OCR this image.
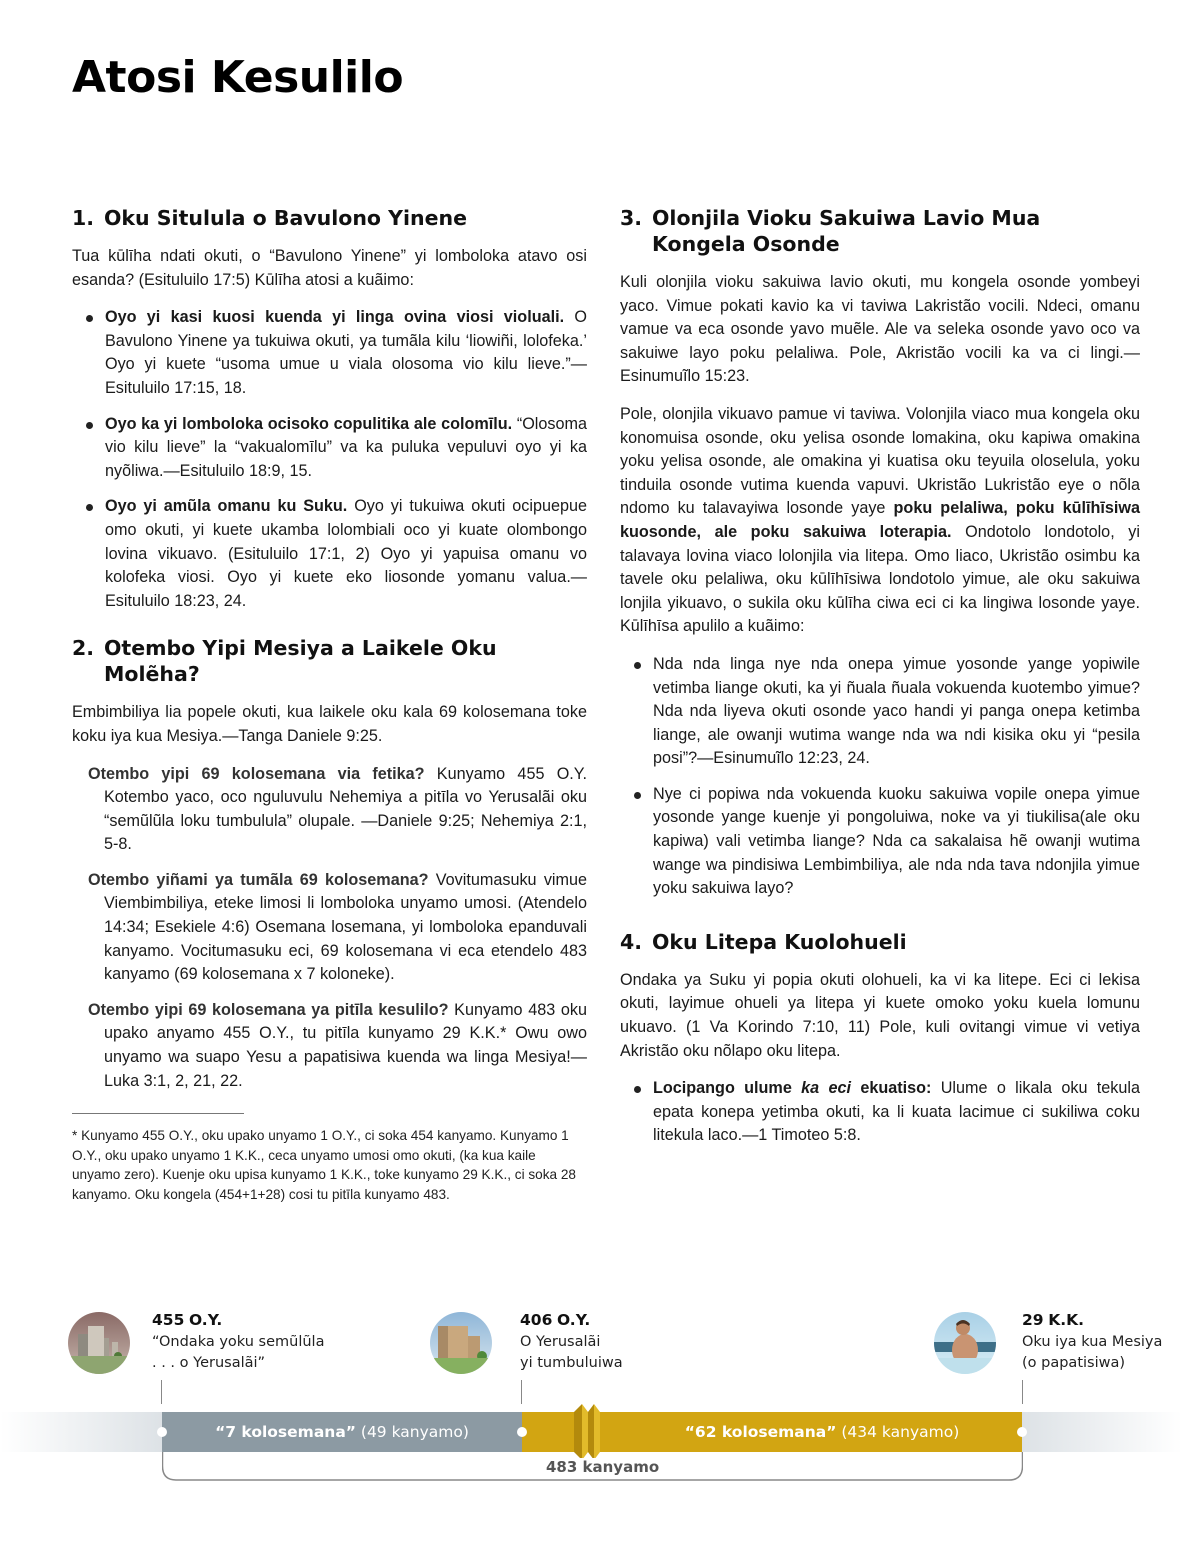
Atosi Kesulilo
1. Oku Situlula o Bavulono Yinene

Tua kūlīha ndati okuti, o “Bavulono Yinene” yi lomboloka atavo osi esanda? (Esituluilo 17:5) Kūlīha atosi a kuãimo:

Oyo yi kasi kuosi kuenda yi linga ovina viosi violuali. O Bavulono Yinene ya tukuiwa okuti, ya tumãla kilu ‘liowiñi, lolofeka.’ Oyo yi kuete “usoma umue u viala olosoma vio kilu lieve.”—Esituluilo 17:15, 18.
Oyo ka yi lomboloka ocisoko copulitika ale colomīlu. “Olosoma vio kilu lieve” la “vakualomīlu” va ka puluka vepuluvi oyo yi ka nyõliwa.—Esituluilo 18:9, 15.
Oyo yi amũla omanu ku Suku. Oyo yi tukuiwa okuti ocipuepue omo okuti, yi kuete ukamba lolombiali oco yi kuate olombongo lovina vikuavo. (Esituluilo 17:1, 2) Oyo yi yapuisa omanu vo kolofeka viosi. Oyo yi kuete eko liosonde yomanu valua.—Esituluilo 18:23, 24.
2. Otembo Yipi Mesiya a Laikele Oku Molẽha?

Embimbiliya lia popele okuti, kua laikele oku kala 69 kolosemana toke koku iya kua Mesiya.—Tanga Daniele 9:25.

Otembo yipi 69 kolosemana via fetika? Kunyamo 455 O.Y. Kotembo yaco, oco nguluvulu Nehemiya a pitīla vo Yerusalãi oku “semũlũla loku tumbulula” olupale. —Daniele 9:25; Nehemiya 2:1, 5-8.
Otembo yiñami ya tumãla 69 kolosemana? Vovitumasuku vimue Viembimbiliya, eteke limosi li lomboloka unyamo umosi. (Atendelo 14:34; Esekiele 4:6) Osemana losemana, yi lomboloka epanduvali kanyamo. Vocitumasuku eci, 69 kolosemana vi eca etendelo 483 kanyamo (69 kolosemana x 7 koloneke).
Otembo yipi 69 kolosemana ya pitīla kesulilo? Kunyamo 483 oku upako anyamo 455 O.Y., tu pitīla kunyamo 29 K.K.* Owu owo unyamo wa suapo Yesu a papatisiwa kuenda wa linga Mesiya!—Luka 3:1, 2, 21, 22.

* Kunyamo 455 O.Y., oku upako unyamo 1 O.Y., ci soka 454 kanyamo. Kunyamo 1 O.Y., oku upako unyamo 1 K.K., ceca unyamo umosi omo okuti, (ka kua kaile unyamo zero). Kuenje oku upisa kunyamo 1 K.K., toke kunyamo 29 K.K., ci soka 28 kanyamo. Oku kongela (454+1+28) cosi tu pitīla kunyamo 483.

3. Olonjila Vioku Sakuiwa Lavio Mua Kongela Osonde

Kuli olonjila vioku sakuiwa lavio okuti, mu kongela osonde yombeyi yaco. Vimue pokati kavio ka vi taviwa Lakristão vocili. Ndeci, omanu vamue va eca osonde yavo muẽle. Ale va seleka osonde yavo oco va sakuiwe layo poku pelaliwa. Pole, Akristão vocili ka va ci lingi.—Esinumuĩlo 15:23.

Pole, olonjila vikuavo pamue vi taviwa. Volonjila viaco mua kongela oku konomuisa osonde, oku yelisa osonde lomakina, oku kapiwa omakina yoku yelisa osonde, ale omakina yi kuatisa oku teyuila oloselula, yoku tinduila osonde vutima kuenda vapuvi. Ukristão Lukristão eye o nõla ndomo ku talavayiwa losonde yaye poku pelaliwa, poku kūlīhīsiwa kuosonde, ale poku sakuiwa loterapia. Ondotolo londotolo, yi talavaya lovina viaco lolonjila via litepa. Omo liaco, Ukristão osimbu ka tavele oku pelaliwa, oku kūlīhīsiwa londotolo yimue, ale oku sakuiwa lonjila yikuavo, o sukila oku kūlīha ciwa eci ci ka lingiwa losonde yaye. Kūlīhīsa apulilo a kuãimo:

Nda nda linga nye nda onepa yimue yosonde yange yopiwile vetimba liange okuti, ka yi ñuala ñuala vokuenda kuotembo yimue? Nda nda liyeva okuti osonde yaco handi yi panga onepa ketimba liange, ale owanji wutima wange nda wa ndi kisika oku yi “pesila posi”?—Esinumuĩlo 12:23, 24.
Nye ci popiwa nda vokuenda kuoku sakuiwa vopile onepa yimue yosonde yange kuenje yi pongoluiwa, noke va yi tiukilisa(ale oku kapiwa) vali vetimba liange? Nda ca sakalaisa hẽ owanji wutima wange wa pindisiwa Lembimbiliya, ale nda nda tava ndonjila yimue yoku sakuiwa layo?
4. Oku Litepa Kuolohueli

Ondaka ya Suku yi popia okuti olohueli, ka vi ka litepe. Eci ci lekisa okuti, layimue ohueli ya litepa yi kuete omoko yoku kuela lomunu ukuavo. (1 Va Korindo 7:10, 11) Pole, kuli ovitangi vimue vi vetiya Akristão oku nõlapo oku litepa.

Locipango ulume ka eci ekuatiso: Ulume o likala oku tekula epata konepa yetimba okuti, ka li kuata lacimue ci sukiliwa coku litekula laco.—1 Timoteo 5:8.
455 O.Y.
“Ondaka yoku semũlũla
. . . o Yerusalãi”
406 O.Y.
O Yerusalãi
yi tumbuluiwa
29 K.K.
Oku iya kua Mesiya
(o papatisiwa)
“7 kolosemana” (49 kanyamo)	“62 kolosemana” (434 kanyamo)
483 kanyamo
